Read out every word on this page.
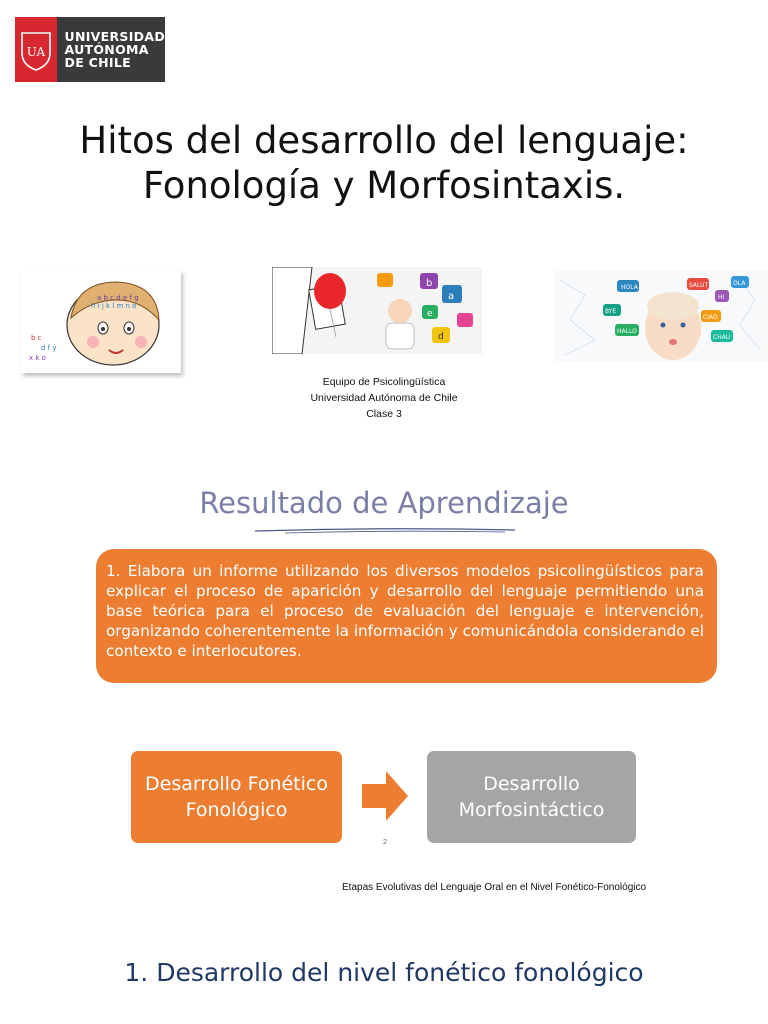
UA
UNIVERSIDAD
AUTÓNOMA
DE CHILE
Hitos del desarrollo del lenguaje:
Fonología y Morfosintaxis.
a b c d e f g
h i j k l m n o
b c
d f y
x k o
b
a
e
d
HOLA	SALUT
HI
BYE
CIAO
HALLO
CHAU
OLA
Equipo de Psicolingüística
Universidad Autónoma de Chile
Clase 3
Resultado de Aprendizaje
1. Elabora un informe utilizando los diversos modelos psicolingüísticos para explicar el proceso de aparición y desarrollo del lenguaje permitiendo una base teórica para el proceso de evaluación del lenguaje e intervención, organizando coherentemente la información y comunicándola considerando el contexto e interlocutores.
Desarrollo Fonético
Fonológico
Desarrollo
Morfosintáctico
2
Etapas Evolutivas del Lenguaje Oral en el Nivel Fonético-Fonológico
1. Desarrollo del nivel fonético fonológico
